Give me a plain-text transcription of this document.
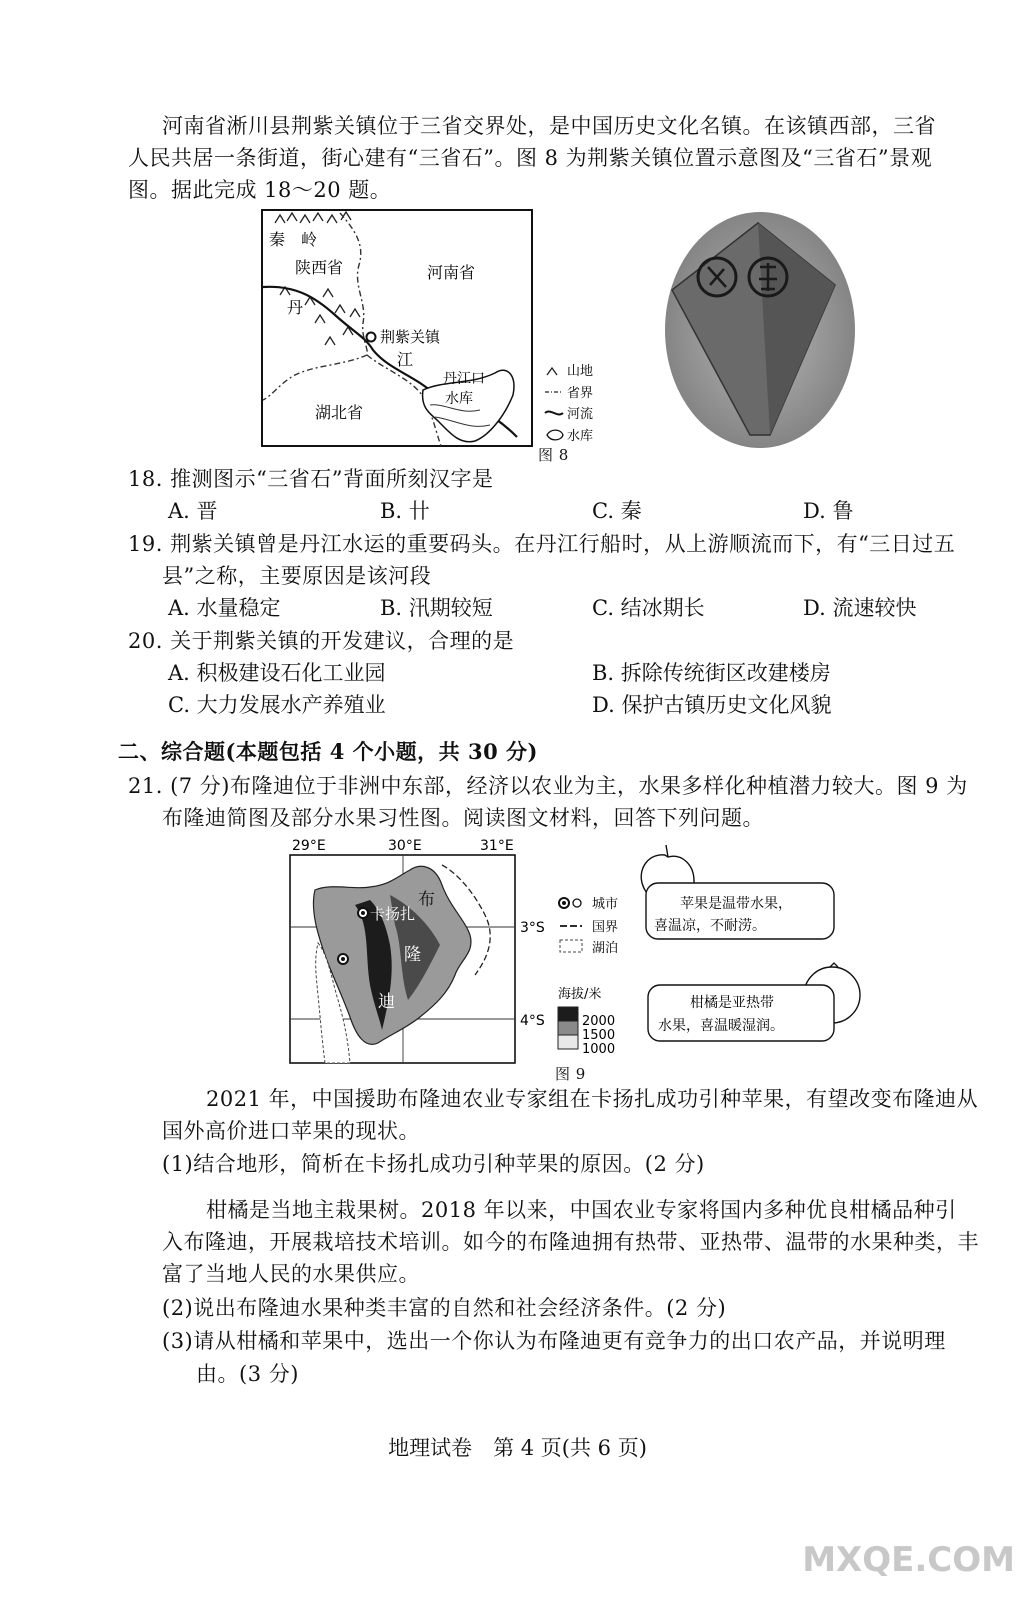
河南省淅川县荆紫关镇位于三省交界处，是中国历史文化名镇。在该镇西部，三省
人民共居一条街道，街心建有“三省石”。图 8 为荆紫关镇位置示意图及“三省石”景观
图。据此完成 18～20 题。
秦　岭
陕西省	河南省
湖北省
荆紫关镇
丹
江
丹江口
水库
山地
省界
河流
水库
图 8
18. 推测图示“三省石”背面所刻汉字是
A. 晋	B. 卄	C. 秦	D. 鲁
19. 荆紫关镇曾是丹江水运的重要码头。在丹江行船时，从上游顺流而下，有“三日过五
县”之称，主要原因是该河段
A. 水量稳定	B. 汛期较短	C. 结冰期长	D. 流速较快
20. 关于荆紫关镇的开发建议，合理的是
A. 积极建设石化工业园	B. 拆除传统街区改建楼房
C. 大力发展水产养殖业	D. 保护古镇历史文化风貌
二、综合题(本题包括 4 个小题，共 30 分)
21. (7 分)布隆迪位于非洲中东部，经济以农业为主，水果多样化种植潜力较大。图 9 为
布隆迪简图及部分水果习性图。阅读图文材料，回答下列问题。
29°E	30°E	31°E
卡扬扎
布
隆
迪
3°S
4°S
城市
国界
湖泊
海拔/米
2000
1500
1000
苹果是温带水果，
喜温凉，不耐涝。
柑橘是亚热带
水果，喜温暖湿润。
图 9
2021 年，中国援助布隆迪农业专家组在卡扬扎成功引种苹果，有望改变布隆迪从
国外高价进口苹果的现状。
(1)结合地形，简析在卡扬扎成功引种苹果的原因。(2 分)
柑橘是当地主栽果树。2018 年以来，中国农业专家将国内多种优良柑橘品种引
入布隆迪，开展栽培技术培训。如今的布隆迪拥有热带、亚热带、温带的水果种类，丰
富了当地人民的水果供应。
(2)说出布隆迪水果种类丰富的自然和社会经济条件。(2 分)
(3)请从柑橘和苹果中，选出一个你认为布隆迪更有竞争力的出口农产品，并说明理
由。(3 分)
地理试卷　第 4 页(共 6 页)
MXQE.COM
